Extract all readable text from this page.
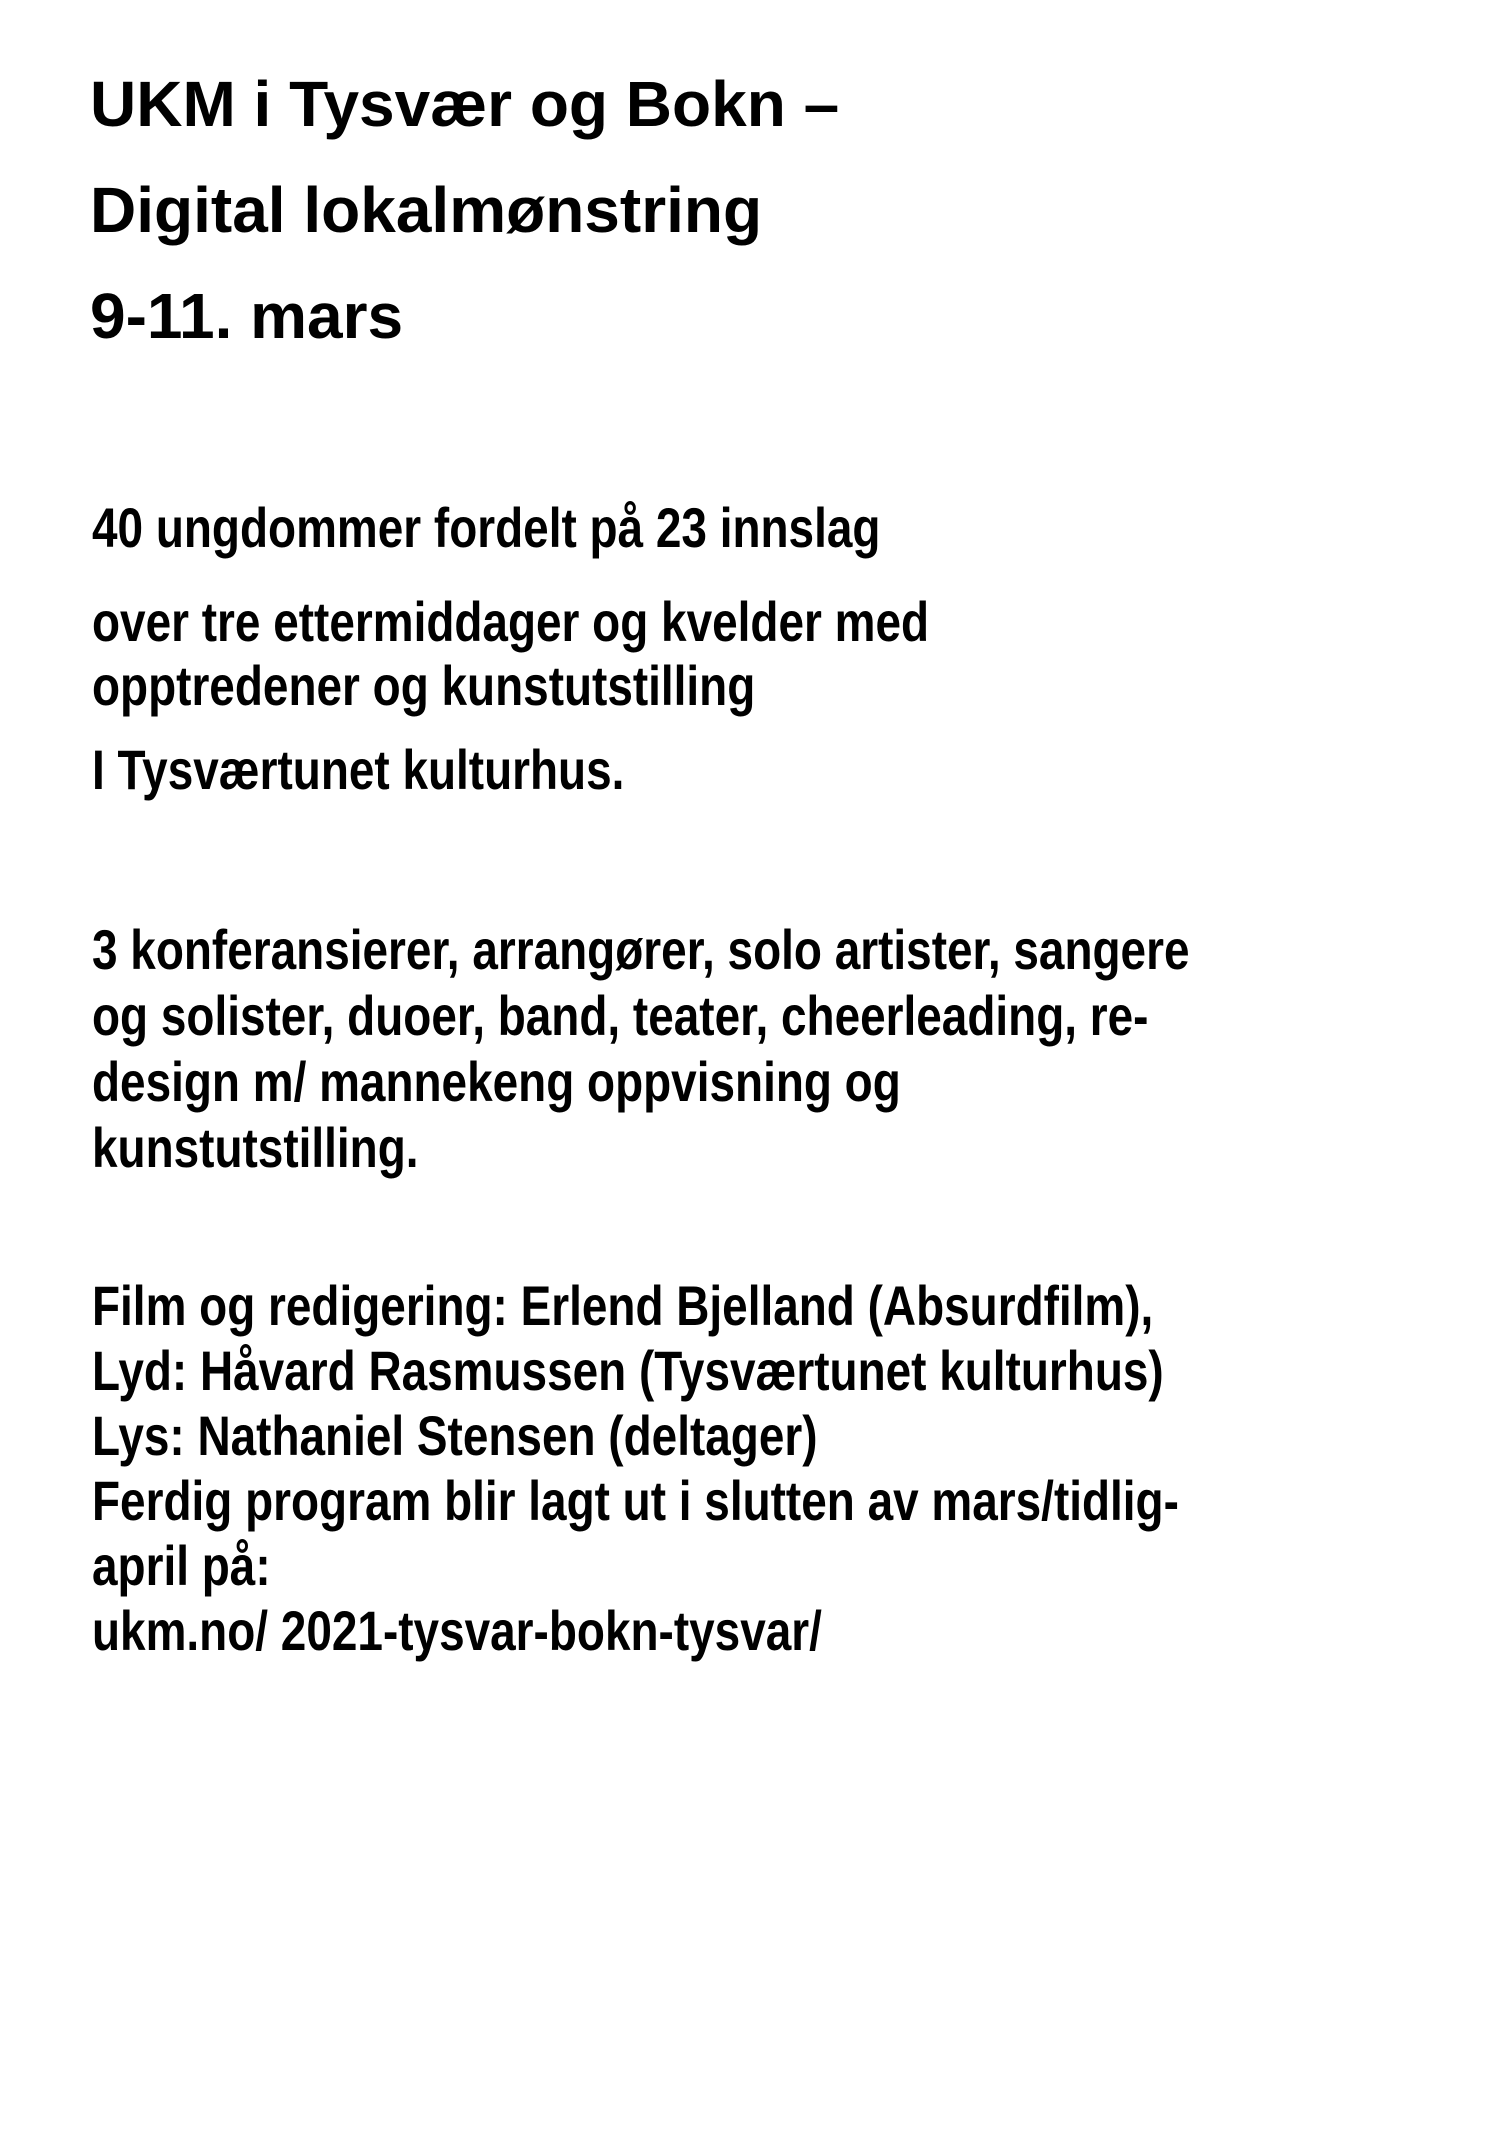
UKM i Tysvær og Bokn –
Digital lokalmønstring
9-11. mars
40 ungdommer fordelt på 23 innslag
over tre ettermiddager og kvelder med
opptredener og kunstutstilling
I Tysværtunet kulturhus.
3 konferansierer, arrangører, solo artister, sangere
og solister, duoer, band, teater, cheerleading, re-
design m/ mannekeng oppvisning og
kunstutstilling.
Film og redigering: Erlend Bjelland (Absurdfilm),
Lyd: Håvard Rasmussen (Tysværtunet kulturhus)
Lys: Nathaniel Stensen (deltager)
Ferdig program blir lagt ut i slutten av mars/tidlig-
april på:
ukm.no/ 2021-tysvar-bokn-tysvar/
